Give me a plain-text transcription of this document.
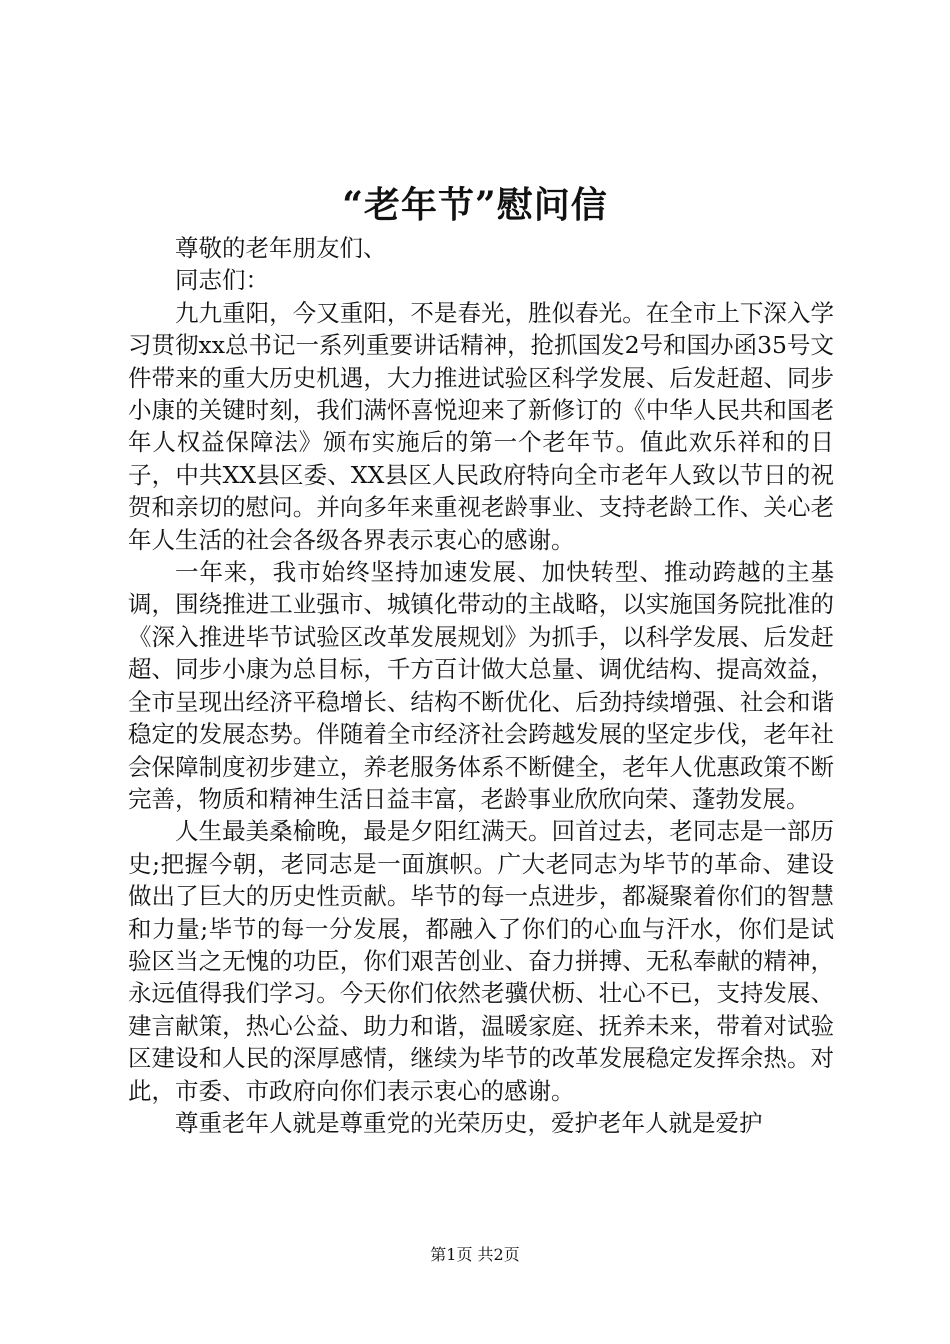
“老年节”慰问信

尊敬的老年朋友们、

同志们：

九九重阳，今又重阳，不是春光，胜似春光。在全市上下深入学习贯彻xx总书记一系列重要讲话精神，抢抓国发2号和国办函35号文件带来的重大历史机遇，大力推进试验区科学发展、后发赶超、同步小康的关键时刻，我们满怀喜悦迎来了新修订的《中华人民共和国老年人权益保障法》颁布实施后的第一个老年节。值此欢乐祥和的日子，中共XX县区委、XX县区人民政府特向全市老年人致以节日的祝贺和亲切的慰问。并向多年来重视老龄事业、支持老龄工作、关心老年人生活的社会各级各界表示衷心的感谢。

一年来，我市始终坚持加速发展、加快转型、推动跨越的主基调，围绕推进工业强市、城镇化带动的主战略，以实施国务院批准的《深入推进毕节试验区改革发展规划》为抓手，以科学发展、后发赶超、同步小康为总目标，千方百计做大总量、调优结构、提高效益，全市呈现出经济平稳增长、结构不断优化、后劲持续增强、社会和谐稳定的发展态势。伴随着全市经济社会跨越发展的坚定步伐，老年社会保障制度初步建立，养老服务体系不断健全，老年人优惠政策不断完善，物质和精神生活日益丰富，老龄事业欣欣向荣、蓬勃发展。

人生最美桑榆晚，最是夕阳红满天。回首过去，老同志是一部历史;把握今朝，老同志是一面旗帜。广大老同志为毕节的革命、建设做出了巨大的历史性贡献。毕节的每一点进步，都凝聚着你们的智慧和力量;毕节的每一分发展，都融入了你们的心血与汗水，你们是试验区当之无愧的功臣，你们艰苦创业、奋力拼搏、无私奉献的精神，永远值得我们学习。今天你们依然老骥伏枥、壮心不已，支持发展、建言献策，热心公益、助力和谐，温暖家庭、抚养未来，带着对试验区建设和人民的深厚感情，继续为毕节的改革发展稳定发挥余热。对此，市委、市政府向你们表示衷心的感谢。

尊重老年人就是尊重党的光荣历史，爱护老年人就是爱护

第1页 共2页
